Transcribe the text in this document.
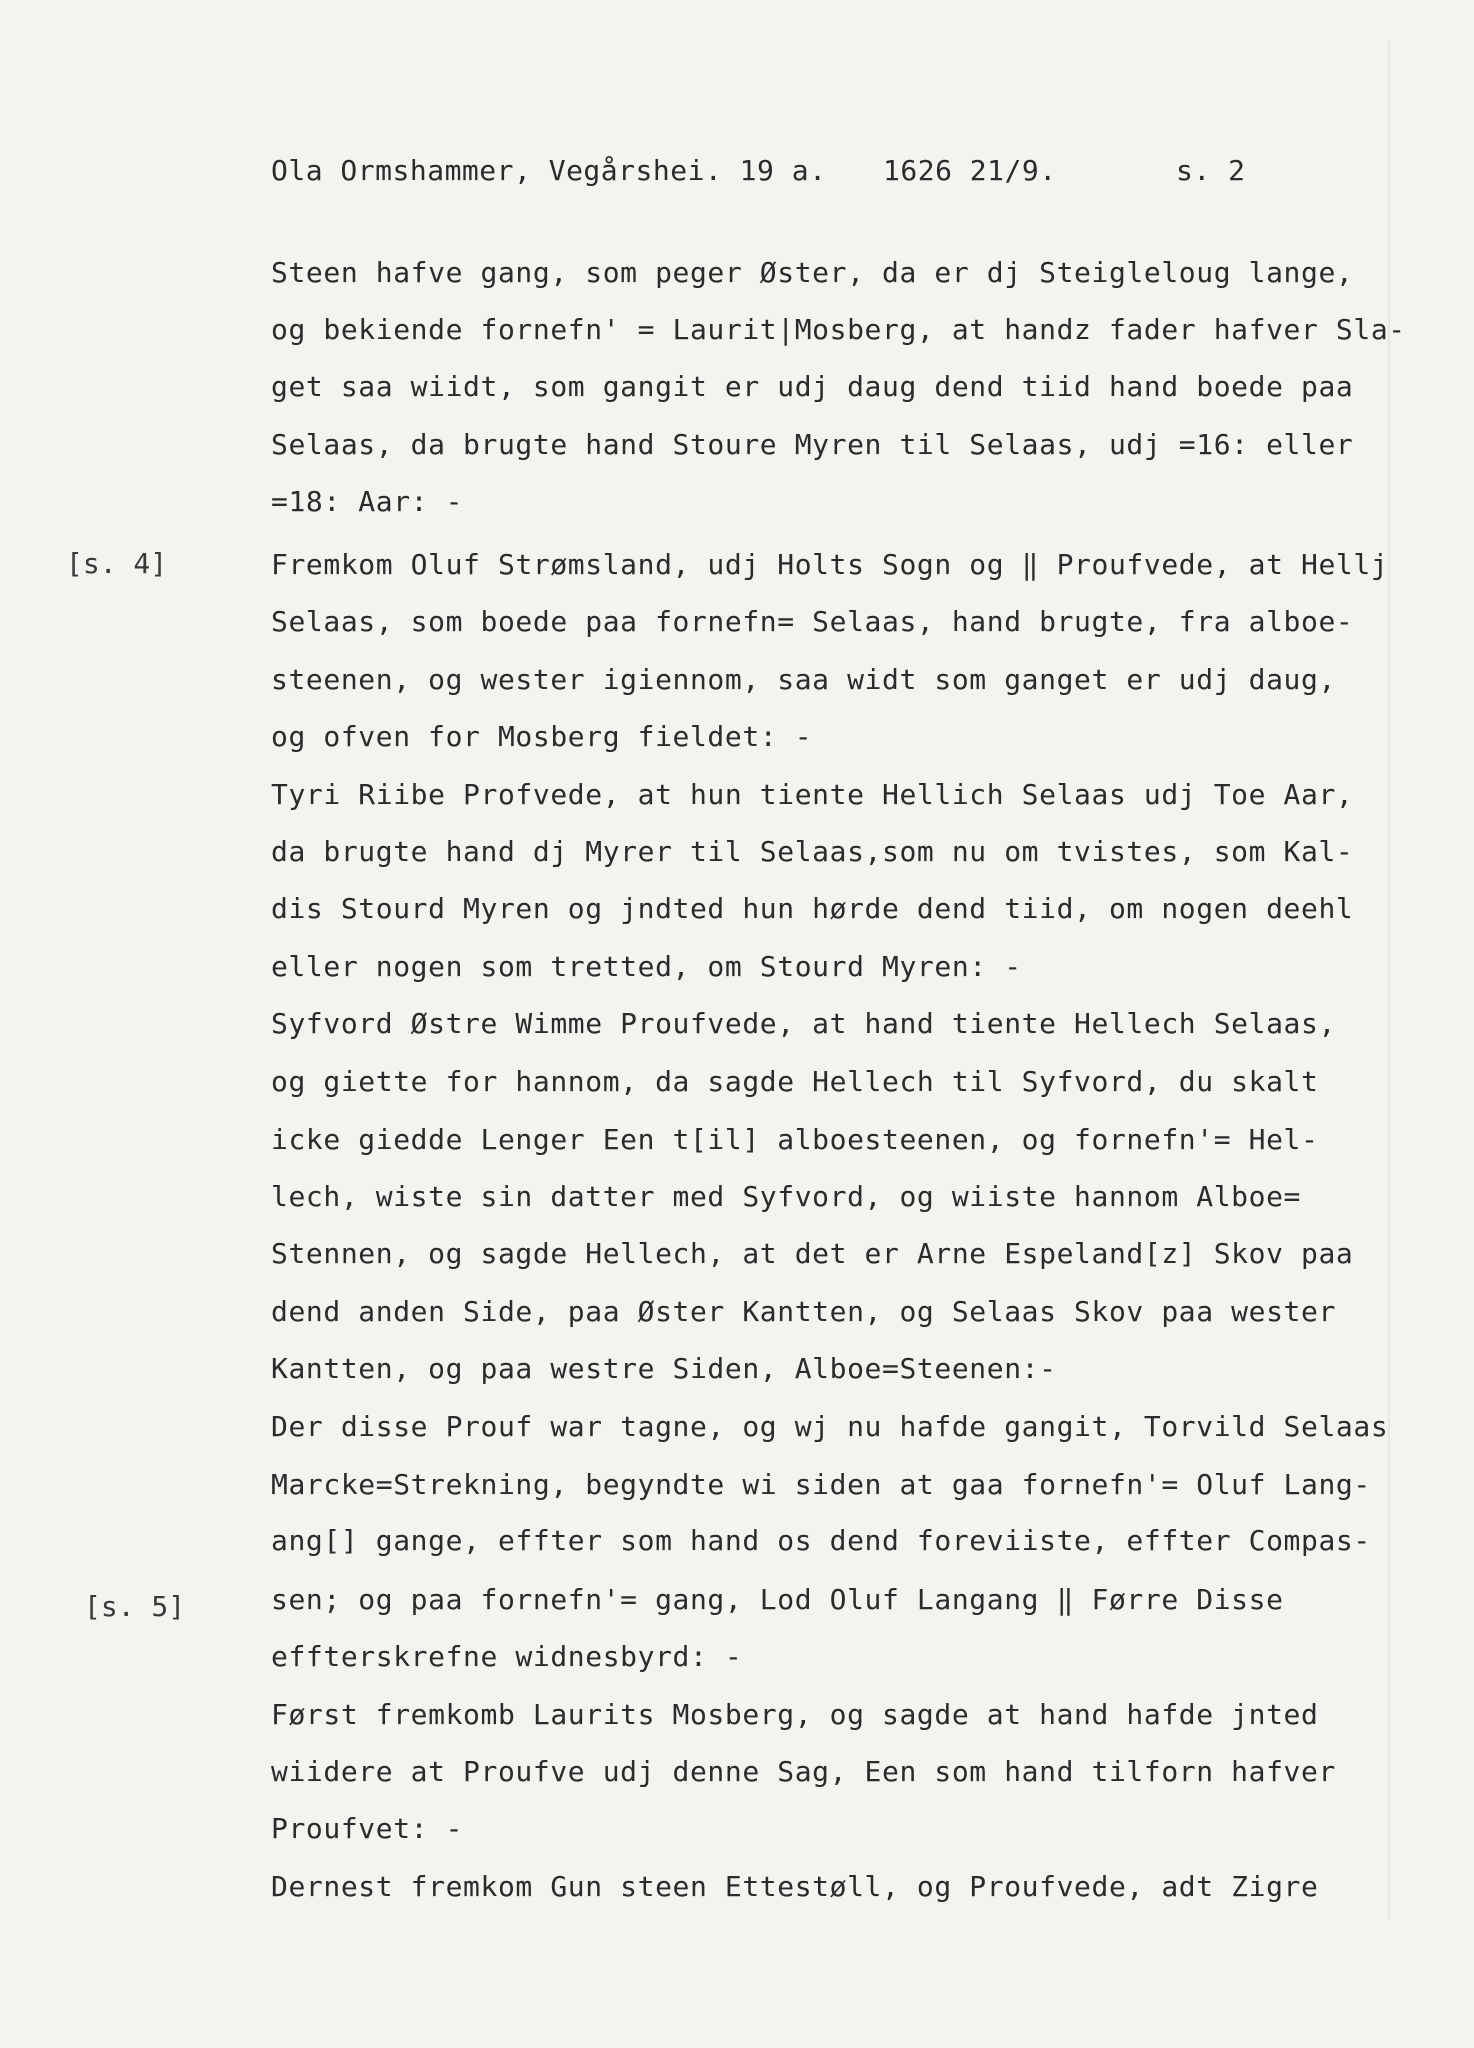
Ola Ormshammer, Vegårshei. 19 a.

1626 21/9.

	s. 2

[s. 4]
[s. 5]
Steen hafve gang, som peger Øster, da er dj Steigleloug lange,
og bekiende fornefn' = Laurit|Mosberg, at handz fader hafver Sla-
get saa wiidt, som gangit er udj daug dend tiid hand boede paa
Selaas, da brugte hand Stoure Myren til Selaas, udj =16: eller
=18: Aar: -
Fremkom Oluf Strømsland, udj Holts Sogn og ‖ Proufvede, at Hellj
Selaas, som boede paa fornefn= Selaas, hand brugte, fra alboe-
steenen, og wester igiennom, saa widt som ganget er udj daug,
og ofven for Mosberg fieldet: -
Tyri Riibe Profvede, at hun tiente Hellich Selaas udj Toe Aar,
da brugte hand dj Myrer til Selaas,som nu om tvistes, som Kal-
dis Stourd Myren og jndted hun hørde dend tiid, om nogen deehl
eller nogen som tretted, om Stourd Myren: -
Syfvord Østre Wimme Proufvede, at hand tiente Hellech Selaas,
og giette for hannom, da sagde Hellech til Syfvord, du skalt
icke giedde Lenger Een t[il] alboesteenen, og fornefn'= Hel-
lech, wiste sin datter med Syfvord, og wiiste hannom Alboe=
Stennen, og sagde Hellech, at det er Arne Espeland[z] Skov paa
dend anden Side, paa Øster Kantten, og Selaas Skov paa wester
Kantten, og paa westre Siden, Alboe=Steenen:-
Der disse Prouf war tagne, og wj nu hafde gangit, Torvild Selaas
Marcke=Strekning, begyndte wi siden at gaa fornefn'= Oluf Lang-
ang[] gange, effter som hand os dend foreviiste, effter Compas-
sen; og paa fornefn'= gang, Lod Oluf Langang ‖ Førre Disse
effterskrefne widnesbyrd: -
Først fremkomb Laurits Mosberg, og sagde at hand hafde jnted
wiidere at Proufve udj denne Sag, Een som hand tilforn hafver
Proufvet: -
Dernest fremkom Gun steen Ettestøll, og Proufvede, adt Zigre
